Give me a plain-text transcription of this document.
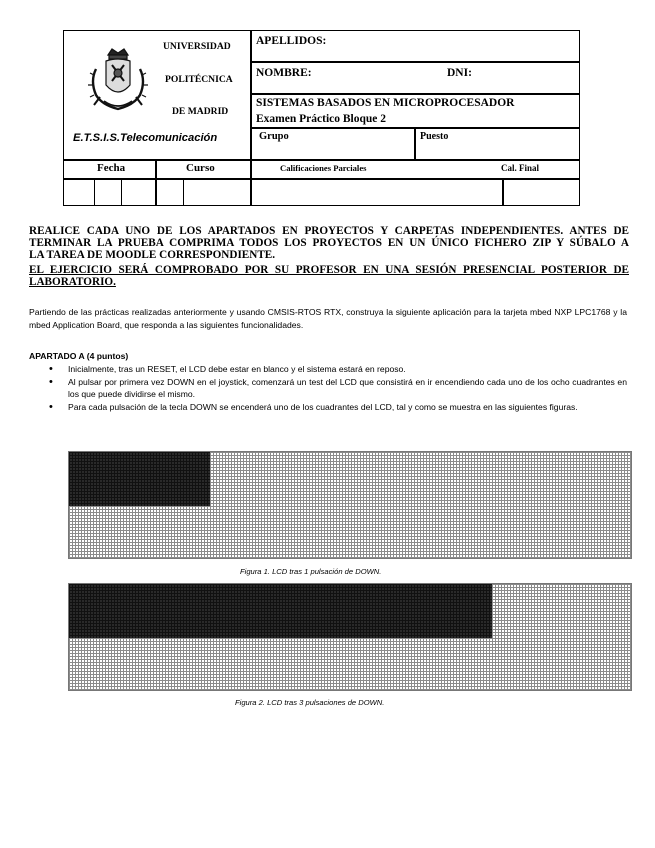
UNIVERSIDAD
POLITÉCNICA
DE MADRID
E.T.S.I.S.Telecomunicación
APELLIDOS:
NOMBRE:	DNI:
SISTEMAS BASADOS EN MICROPROCESADOR
Examen Práctico Bloque 2
Grupo	Puesto
Fecha	Curso	Calificaciones Parciales	Cal. Final
REALICE CADA UNO DE LOS APARTADOS EN PROYECTOS Y CARPETAS INDEPENDIENTES. ANTES DE
TERMINAR LA PRUEBA COMPRIMA TODOS LOS PROYECTOS EN UN ÚNICO FICHERO ZIP Y SÚBALO A
LA TAREA DE MOODLE CORRESPONDIENTE.
EL EJERCICIO SERÁ COMPROBADO POR SU PROFESOR EN UNA SESIÓN PRESENCIAL POSTERIOR DE
LABORATORIO.
Partiendo de las prácticas realizadas anteriormente y usando CMSIS-RTOS RTX, construya la siguiente aplicación para la tarjeta mbed NXP LPC1768 y la mbed Application Board, que responda a las siguientes funcionalidades.
APARTADO A (4 puntos)
• Inicialmente, tras un RESET, el LCD debe estar en blanco y el sistema estará en reposo.
• Al pulsar por primera vez DOWN en el joystick, comenzará un test del LCD que consistirá en ir encendiendo cada uno de los ocho cuadrantes en los que puede dividirse el mismo.
• Para cada pulsación de la tecla DOWN se encenderá uno de los cuadrantes del LCD, tal y como se muestra en las siguientes figuras.
Figura 1. LCD tras 1 pulsación de DOWN.
Figura 2. LCD tras 3 pulsaciones de DOWN.
